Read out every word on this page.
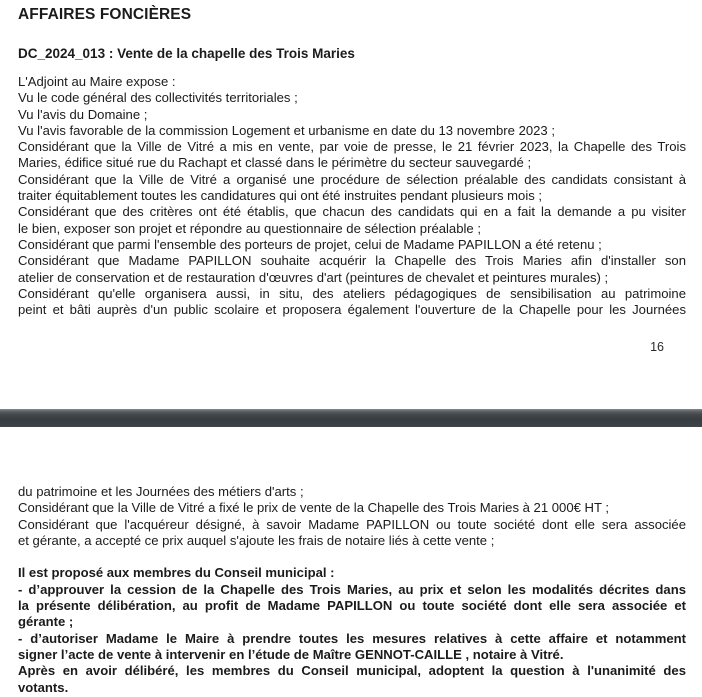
AFFAIRES FONCIÈRES
DC_2024_013 : Vente de la chapelle des Trois Maries
L'Adjoint au Maire expose :
Vu le code général des collectivités territoriales ;
Vu l'avis du Domaine ;
Vu l'avis favorable de la commission Logement et urbanisme en date du 13 novembre 2023 ;
Considérant que la Ville de Vitré a mis en vente, par voie de presse, le 21 février 2023, la Chapelle des Trois
Maries, édifice situé rue du Rachapt et classé dans le périmètre du secteur sauvegardé ;
Considérant que la Ville de Vitré a organisé une procédure de sélection préalable des candidats consistant à
traiter équitablement toutes les candidatures qui ont été instruites pendant plusieurs mois ;
Considérant que des critères ont été établis, que chacun des candidats qui en a fait la demande a pu visiter
le bien, exposer son projet et répondre au questionnaire de sélection préalable ;
Considérant que parmi l'ensemble des porteurs de projet, celui de Madame PAPILLON a été retenu ;
Considérant que Madame PAPILLON souhaite acquérir la Chapelle des Trois Maries afin d'installer son
atelier de conservation et de restauration d'œuvres d'art (peintures de chevalet et peintures murales) ;
Considérant qu'elle organisera aussi, in situ, des ateliers pédagogiques de sensibilisation au patrimoine
peint et bâti auprès d'un public scolaire et proposera également l'ouverture de la Chapelle pour les Journées
16
du patrimoine et les Journées des métiers d'arts ;
Considérant que la Ville de Vitré a fixé le prix de vente de la Chapelle des Trois Maries à 21 000€ HT ;
Considérant que l'acquéreur désigné, à savoir Madame PAPILLON ou toute société dont elle sera associée
et gérante, a accepté ce prix auquel s'ajoute les frais de notaire liés à cette vente ;

Il est proposé aux membres du Conseil municipal :
- d’approuver la cession de la Chapelle des Trois Maries, au prix et selon les modalités décrites dans
la présente délibération, au profit de Madame PAPILLON ou toute société dont elle sera associée et
gérante ;
- d’autoriser Madame le Maire à prendre toutes les mesures relatives à cette affaire et notamment
signer l’acte de vente à intervenir en l’étude de Maître GENNOT-CAILLE , notaire à Vitré.
Après en avoir délibéré, les membres du Conseil municipal, adoptent la question à l'unanimité des
votants.
